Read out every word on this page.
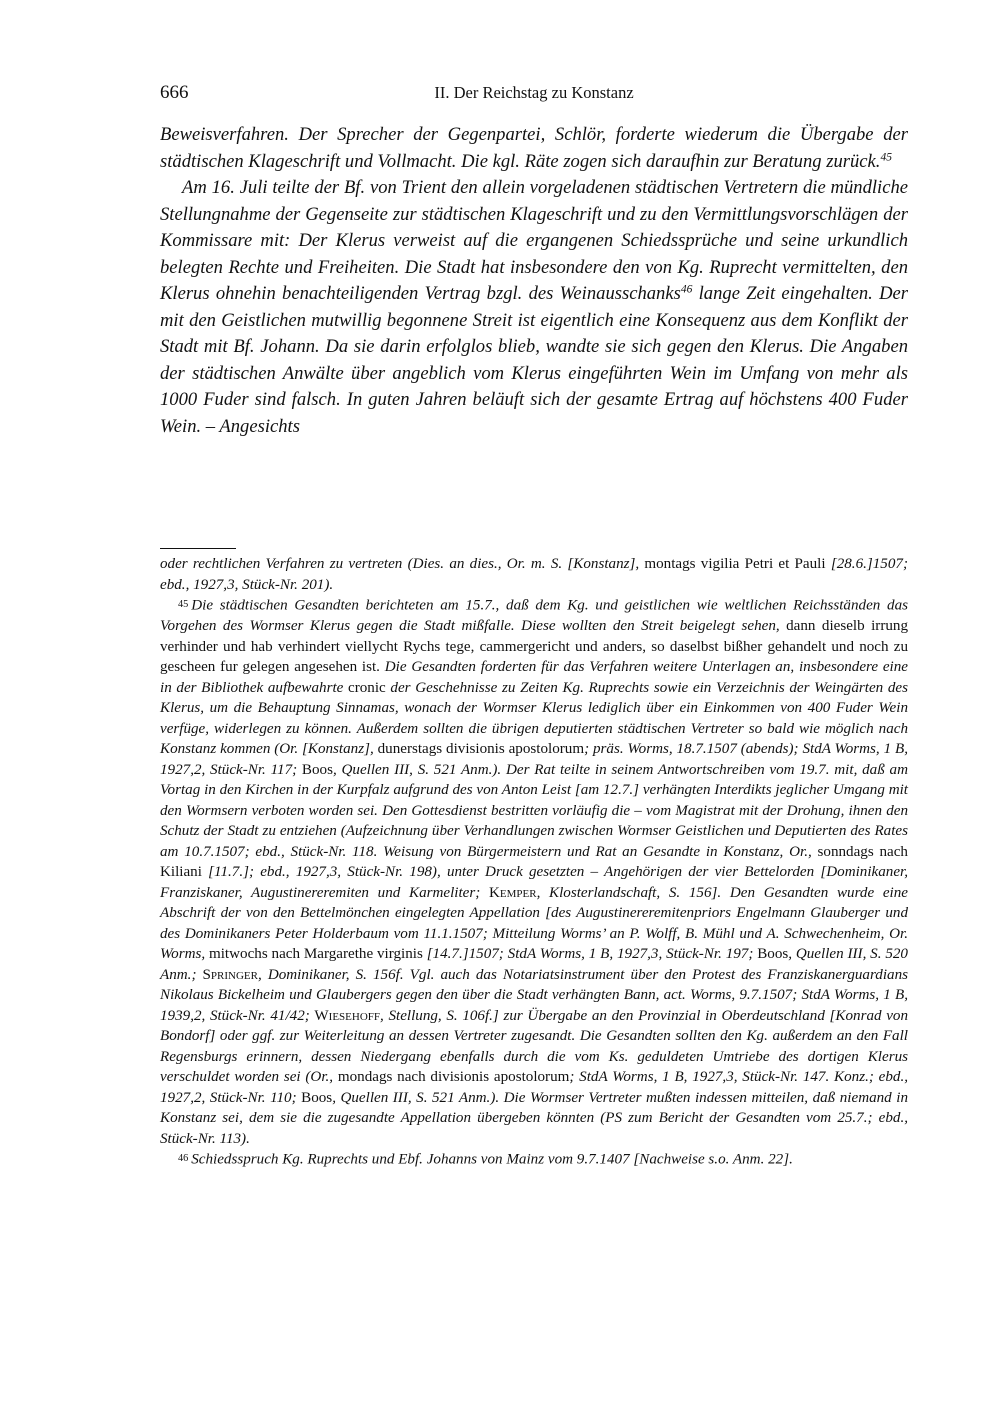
666	II. Der Reichstag zu Konstanz

Beweisverfahren. Der Sprecher der Gegenpartei, Schlör, forderte wiederum die Übergabe der städtischen Klageschrift und Vollmacht. Die kgl. Räte zogen sich daraufhin zur Beratung zurück.$^{45}$

Am 16. Juli teilte der Bf. von Trient den allein vorgeladenen städtischen Vertretern die mündliche Stellungnahme der Gegenseite zur städtischen Klageschrift und zu den Vermittlungsvorschlägen der Kommissare mit: Der Klerus verweist auf die ergangenen Schiedssprüche und seine urkundlich belegten Rechte und Freiheiten. Die Stadt hat insbesondere den von Kg. Ruprecht vermittelten, den Klerus ohnehin benachteiligenden Vertrag bzgl. des Weinausschanks$^{46}$ lange Zeit eingehalten. Der mit den Geistlichen mutwillig begonnene Streit ist eigentlich eine Konsequenz aus dem Konflikt der Stadt mit Bf. Johann. Da sie darin erfolglos blieb, wandte sie sich gegen den Klerus. Die Angaben der städtischen Anwälte über angeblich vom Klerus eingeführten Wein im Umfang von mehr als 1000 Fuder sind falsch. In guten Jahren beläuft sich der gesamte Ertrag auf höchstens 400 Fuder Wein. – Angesichts

oder rechtlichen Verfahren zu vertreten (Dies. an dies., Or. m. S. [Konstanz], montags vigilia Petri et Pauli [28.6.]1507; ebd., 1927,3, Stück-Nr. 201).

45 Die städtischen Gesandten berichteten am 15.7., daß dem Kg. und geistlichen wie weltlichen Reichsständen das Vorgehen des Wormser Klerus gegen die Stadt mißfalle. Diese wollten den Streit beigelegt sehen, dann dieselb irrung verhinder und hab verhindert viellycht Rychs tege, cammergericht und anders, so daselbst bißher gehandelt und noch zu gescheen fur gelegen angesehen ist. Die Gesandten forderten für das Verfahren weitere Unterlagen an, insbesondere eine in der Bibliothek aufbewahrte cronic der Geschehnisse zu Zeiten Kg. Ruprechts sowie ein Verzeichnis der Weingärten des Klerus, um die Behauptung Sinnamas, wonach der Wormser Klerus lediglich über ein Einkommen von 400 Fuder Wein verfüge, widerlegen zu können. Außerdem sollten die übrigen deputierten städtischen Vertreter so bald wie möglich nach Konstanz kommen (Or. [Konstanz], dunerstags divisionis apostolorum; präs. Worms, 18.7.1507 (abends); StdA Worms, 1 B, 1927,2, Stück-Nr. 117; Boos, Quellen III, S. 521 Anm.). Der Rat teilte in seinem Antwortschreiben vom 19.7. mit, daß am Vortag in den Kirchen in der Kurpfalz aufgrund des von Anton Leist [am 12.7.] verhängten Interdikts jeglicher Umgang mit den Wormsern verboten worden sei. Den Gottesdienst bestritten vorläufig die – vom Magistrat mit der Drohung, ihnen den Schutz der Stadt zu entziehen (Aufzeichnung über Verhandlungen zwischen Wormser Geistlichen und Deputierten des Rates am 10.7.1507; ebd., Stück-Nr. 118. Weisung von Bürgermeistern und Rat an Gesandte in Konstanz, Or., sonndags nach Kiliani [11.7.]; ebd., 1927,3, Stück-Nr. 198), unter Druck gesetzten – Angehörigen der vier Bettelorden [Dominikaner, Franziskaner, Augustinereremiten und Karmeliter; Kemper, Klosterlandschaft, S. 156]. Den Gesandten wurde eine Abschrift der von den Bettelmönchen eingelegten Appellation [des Augustinereremitenpriors Engelmann Glauberger und des Dominikaners Peter Holderbaum vom 11.1.1507; Mitteilung Worms’ an P. Wolff, B. Mühl und A. Schwechenheim, Or. Worms, mitwochs nach Margarethe virginis [14.7.]1507; StdA Worms, 1 B, 1927,3, Stück-Nr. 197; Boos, Quellen III, S. 520 Anm.; Springer, Dominikaner, S. 156f. Vgl. auch das Notariatsinstrument über den Protest des Franziskanerguardians Nikolaus Bickelheim und Glaubergers gegen den über die Stadt verhängten Bann, act. Worms, 9.7.1507; StdA Worms, 1 B, 1939,2, Stück-Nr. 41/42; Wiesehoff, Stellung, S. 106f.] zur Übergabe an den Provinzial in Oberdeutschland [Konrad von Bondorf] oder ggf. zur Weiterleitung an dessen Vertreter zugesandt. Die Gesandten sollten den Kg. außerdem an den Fall Regensburgs erinnern, dessen Niedergang ebenfalls durch die vom Ks. geduldeten Umtriebe des dortigen Klerus verschuldet worden sei (Or., mondags nach divisionis apostolorum; StdA Worms, 1 B, 1927,3, Stück-Nr. 147. Konz.; ebd., 1927,2, Stück-Nr. 110; Boos, Quellen III, S. 521 Anm.). Die Wormser Vertreter mußten indessen mitteilen, daß niemand in Konstanz sei, dem sie die zugesandte Appellation übergeben könnten (PS zum Bericht der Gesandten vom 25.7.; ebd., Stück-Nr. 113).

46 Schiedsspruch Kg. Ruprechts und Ebf. Johanns von Mainz vom 9.7.1407 [Nachweise s.o. Anm. 22].
